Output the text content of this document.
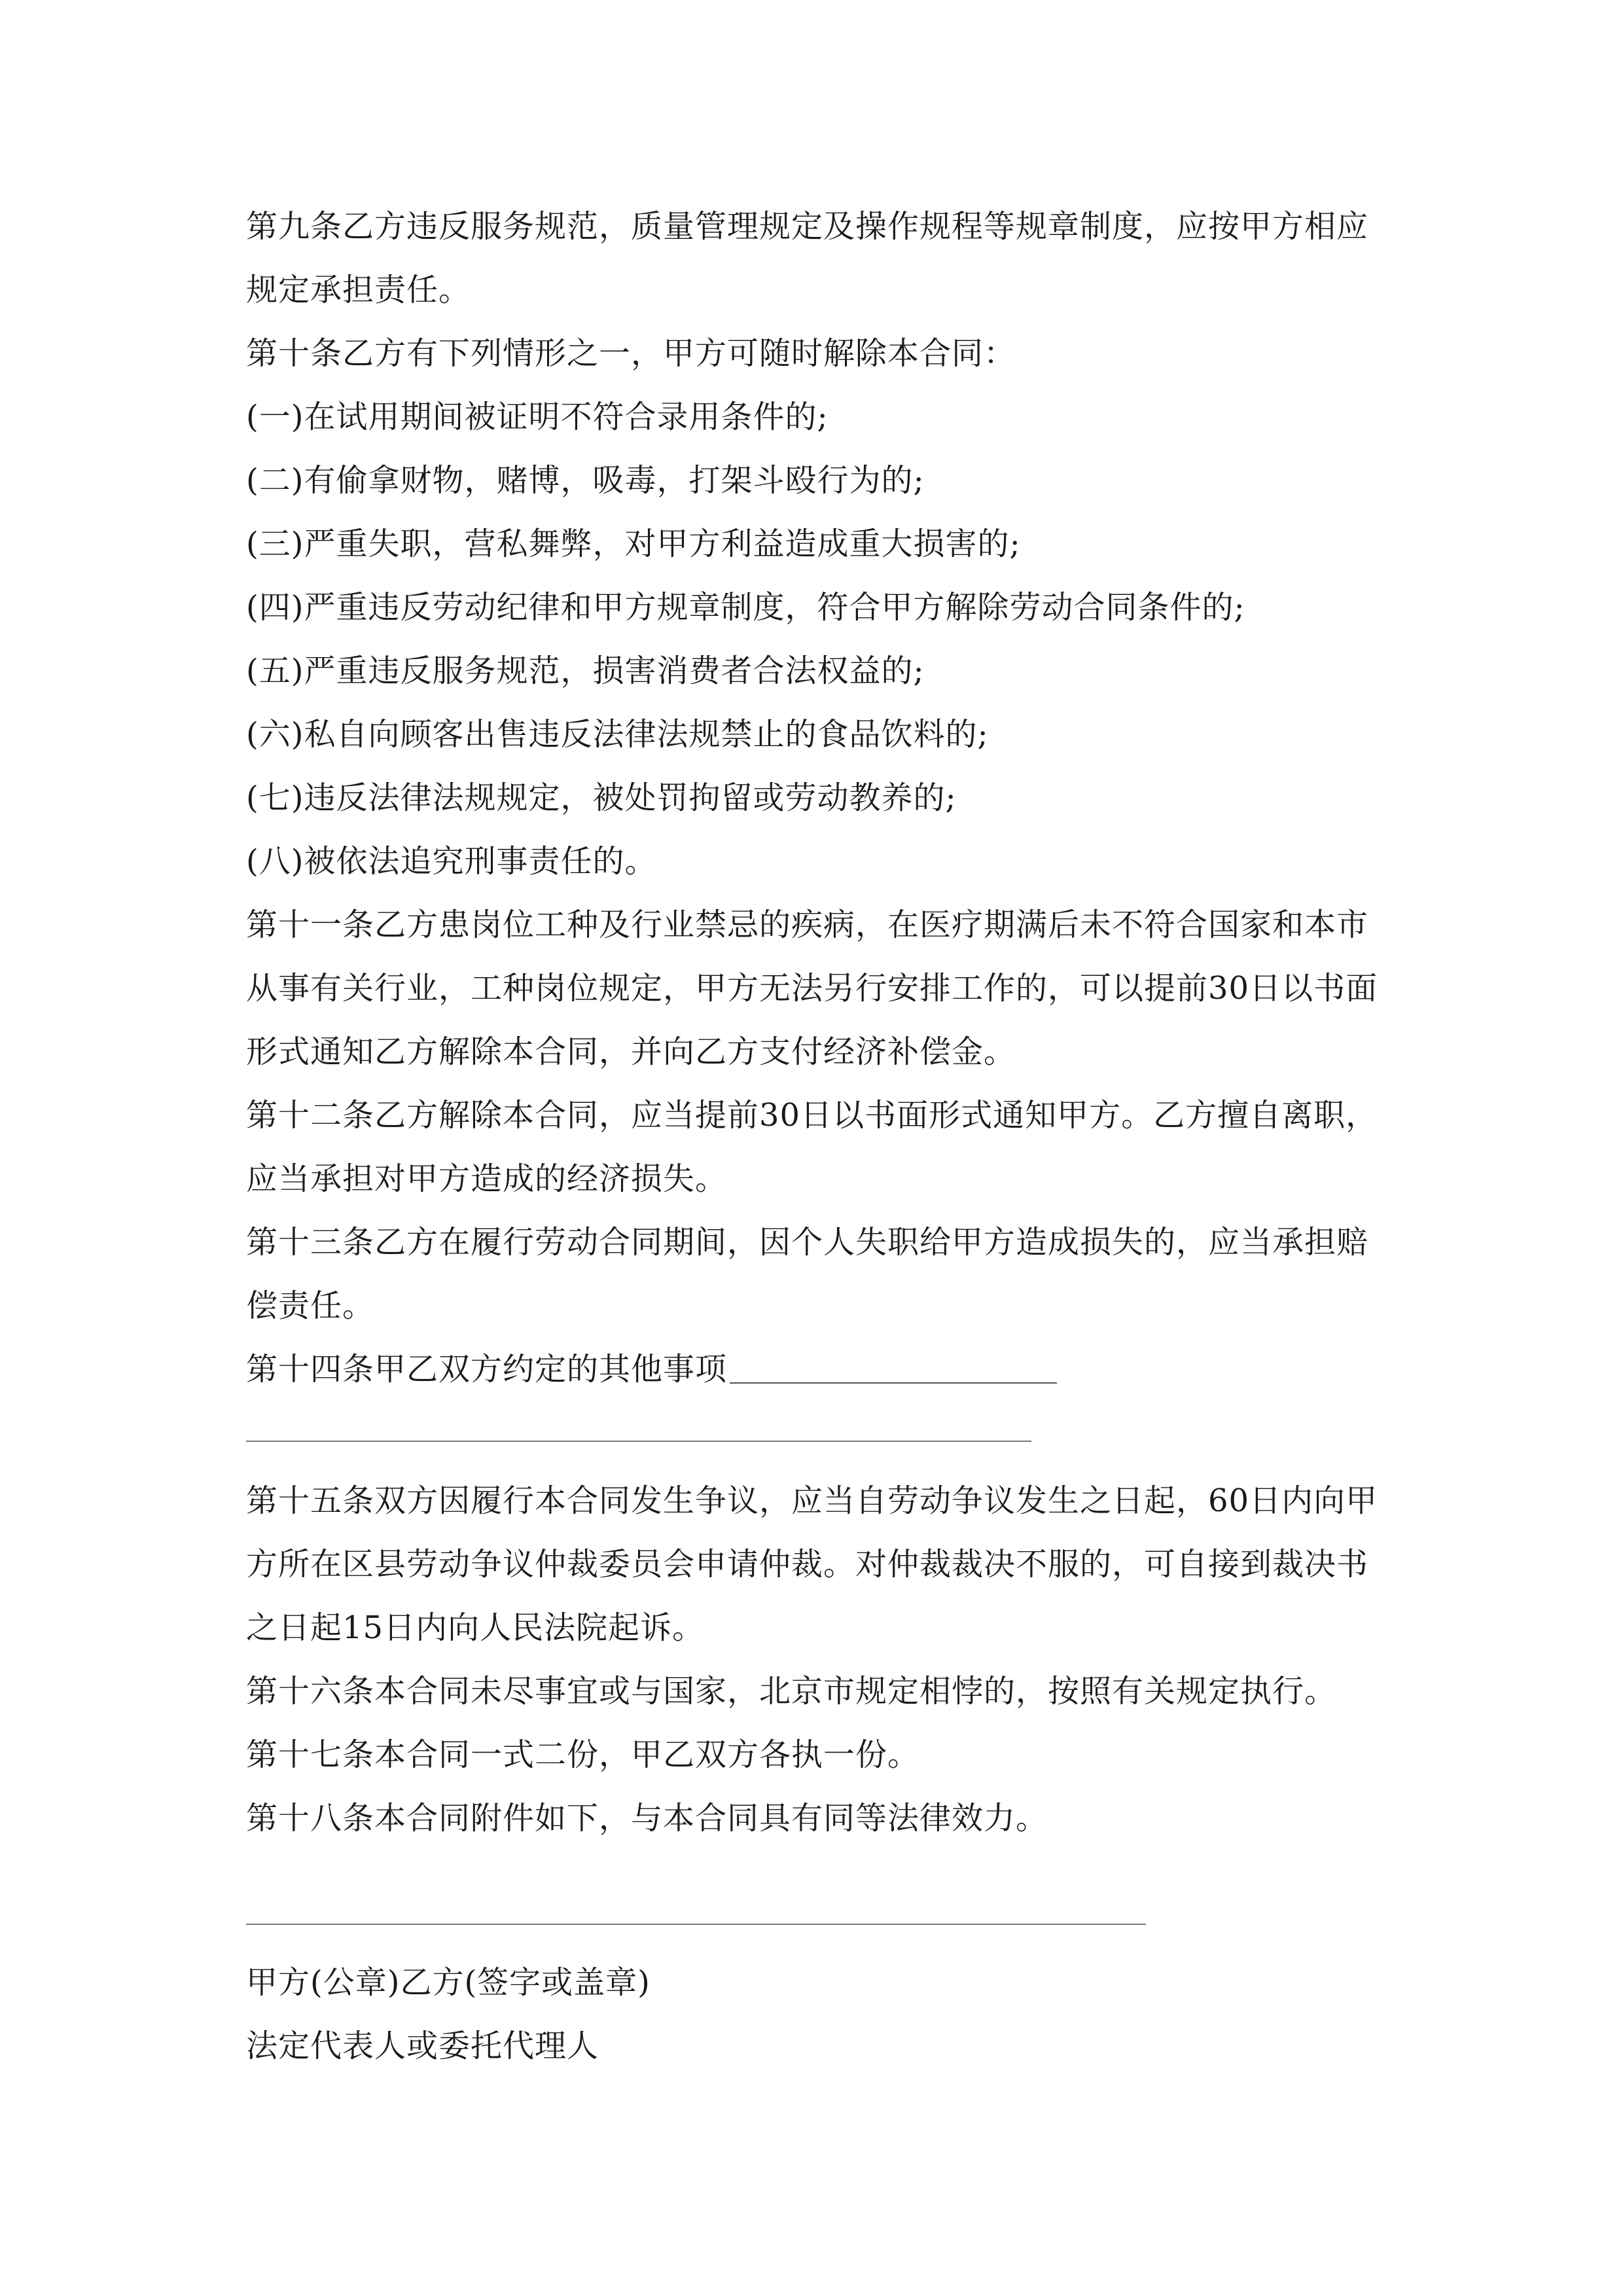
第九条乙方违反服务规范，质量管理规定及操作规程等规章制度，应按甲方相应规定承担责任。

第十条乙方有下列情形之一，甲方可随时解除本合同：

(一)在试用期间被证明不符合录用条件的;

(二)有偷拿财物，赌博，吸毒，打架斗殴行为的;

(三)严重失职，营私舞弊，对甲方利益造成重大损害的;

(四)严重违反劳动纪律和甲方规章制度，符合甲方解除劳动合同条件的;

(五)严重违反服务规范，损害消费者合法权益的;

(六)私自向顾客出售违反法律法规禁止的食品饮料的;

(七)违反法律法规规定，被处罚拘留或劳动教养的;

(八)被依法追究刑事责任的。

第十一条乙方患岗位工种及行业禁忌的疾病，在医疗期满后未不符合国家和本市从事有关行业，工种岗位规定，甲方无法另行安排工作的，可以提前30日以书面形式通知乙方解除本合同，并向乙方支付经济补偿金。

第十二条乙方解除本合同，应当提前30日以书面形式通知甲方。乙方擅自离职，应当承担对甲方造成的经济损失。

第十三条乙方在履行劳动合同期间，因个人失职给甲方造成损失的，应当承担赔偿责任。

第十四条甲乙双方约定的其他事项

第十五条双方因履行本合同发生争议，应当自劳动争议发生之日起，60日内向甲方所在区县劳动争议仲裁委员会申请仲裁。对仲裁裁决不服的，可自接到裁决书之日起15日内向人民法院起诉。

第十六条本合同未尽事宜或与国家，北京市规定相悖的，按照有关规定执行。

第十七条本合同一式二份，甲乙双方各执一份。

第十八条本合同附件如下，与本合同具有同等法律效力。

甲方(公章)乙方(签字或盖章)

法定代表人或委托代理人
